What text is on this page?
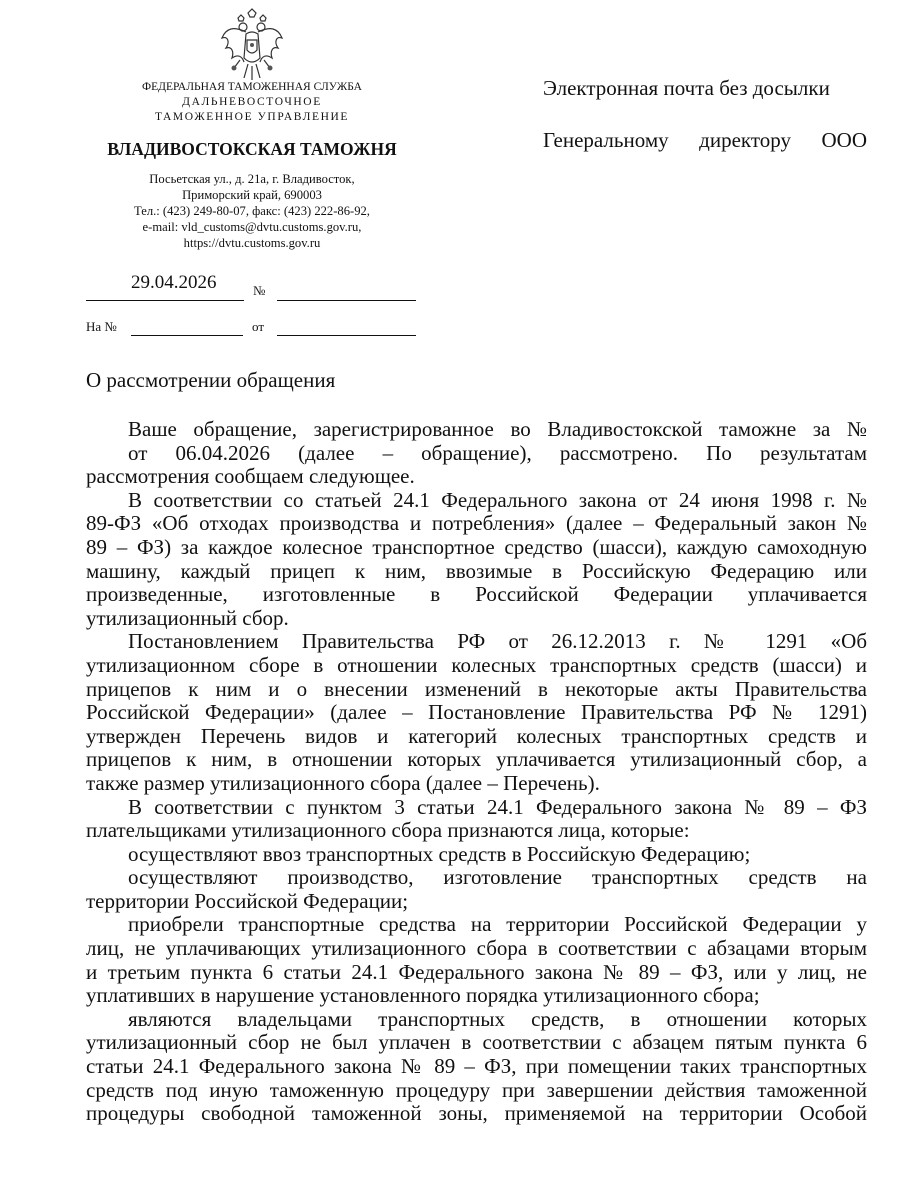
ФЕДЕРАЛЬНАЯ ТАМОЖЕННАЯ СЛУЖБА
ДАЛЬНЕВОСТОЧНОЕ
ТАМОЖЕННОЕ УПРАВЛЕНИЕ
ВЛАДИВОСТОКСКАЯ ТАМОЖНЯ
Посьетская ул., д. 21а, г. Владивосток,
Приморский край, 690003
Тел.: (423) 249-80-07, факс: (423) 222-86-92,
e-mail: vld_customs@dvtu.customs.gov.ru,
https://dvtu.customs.gov.ru
29.04.2026	№
На №	от
Электронная почта без досылки
Генеральному директору ООО
О рассмотрении обращения
Ваше обращение, зарегистрированное во Владивостокской таможне за №
от 06.04.2026 (далее – обращение), рассмотрено. По результатам
рассмотрения сообщаем следующее.
В соответствии со статьей 24.1 Федерального закона от 24 июня 1998 г. №
89-ФЗ «Об отходах производства и потребления» (далее – Федеральный закон №
89 – ФЗ) за каждое колесное транспортное средство (шасси), каждую самоходную
машину, каждый прицеп к ним, ввозимые в Российскую Федерацию или
произведенные, изготовленные в Российской Федерации уплачивается
утилизационный сбор.
Постановлением Правительства РФ от 26.12.2013 г. № 1291 «Об
утилизационном сборе в отношении колесных транспортных средств (шасси) и
прицепов к ним и о внесении изменений в некоторые акты Правительства
Российской Федерации» (далее – Постановление Правительства РФ № 1291)
утвержден Перечень видов и категорий колесных транспортных средств и
прицепов к ним, в отношении которых уплачивается утилизационный сбор, а
также размер утилизационного сбора (далее – Перечень).
В соответствии с пунктом 3 статьи 24.1 Федерального закона № 89 – ФЗ
плательщиками утилизационного сбора признаются лица, которые:
осуществляют ввоз транспортных средств в Российскую Федерацию;
осуществляют производство, изготовление транспортных средств на
территории Российской Федерации;
приобрели транспортные средства на территории Российской Федерации у
лиц, не уплачивающих утилизационного сбора в соответствии с абзацами вторым
и третьим пункта 6 статьи 24.1 Федерального закона № 89 – ФЗ, или у лиц, не
уплативших в нарушение установленного порядка утилизационного сбора;
являются владельцами транспортных средств, в отношении которых
утилизационный сбор не был уплачен в соответствии с абзацем пятым пункта 6
статьи 24.1 Федерального закона № 89 – ФЗ, при помещении таких транспортных
средств под иную таможенную процедуру при завершении действия таможенной
процедуры свободной таможенной зоны, применяемой на территории Особой
